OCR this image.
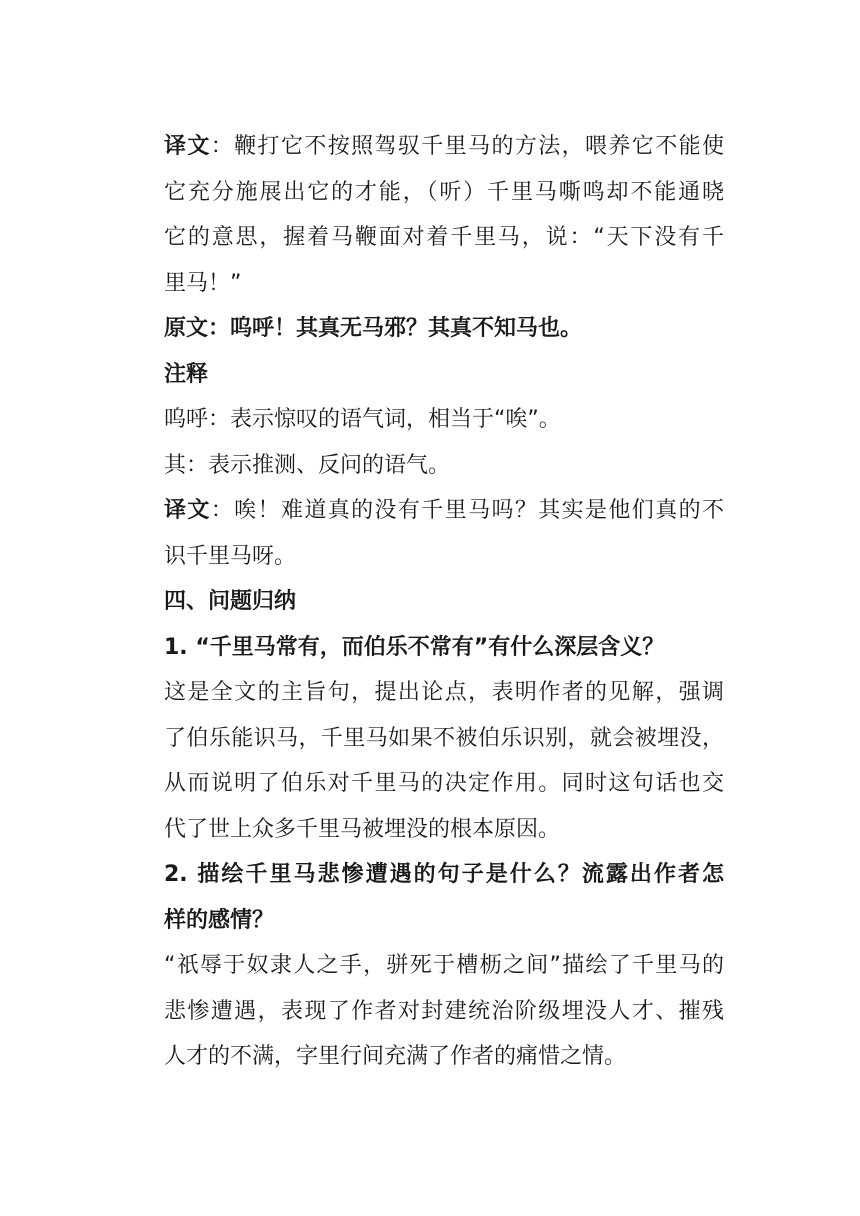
译文：鞭打它不按照驾驭千里马的方法，喂养它不能使
它充分施展出它的才能，（听）千里马嘶鸣却不能通晓
它的意思，握着马鞭面对着千里马，说：“天下没有千
里马！”
原文：呜呼！其真无马邪？其真不知马也。
注释
呜呼：表示惊叹的语气词，相当于“唉”。
其：表示推测、反问的语气。
译文：唉！难道真的没有千里马吗？其实是他们真的不
识千里马呀。
四、问题归纳
1. “千里马常有，而伯乐不常有”有什么深层含义？
这是全文的主旨句，提出论点，表明作者的见解，强调
了伯乐能识马，千里马如果不被伯乐识别，就会被埋没，
从而说明了伯乐对千里马的决定作用。同时这句话也交
代了世上众多千里马被埋没的根本原因。
2. 描绘千里马悲惨遭遇的句子是什么？流露出作者怎
样的感情？
“祇辱于奴隶人之手，骈死于槽枥之间”描绘了千里马的
悲惨遭遇，表现了作者对封建统治阶级埋没人才、摧残
人才的不满，字里行间充满了作者的痛惜之情。
